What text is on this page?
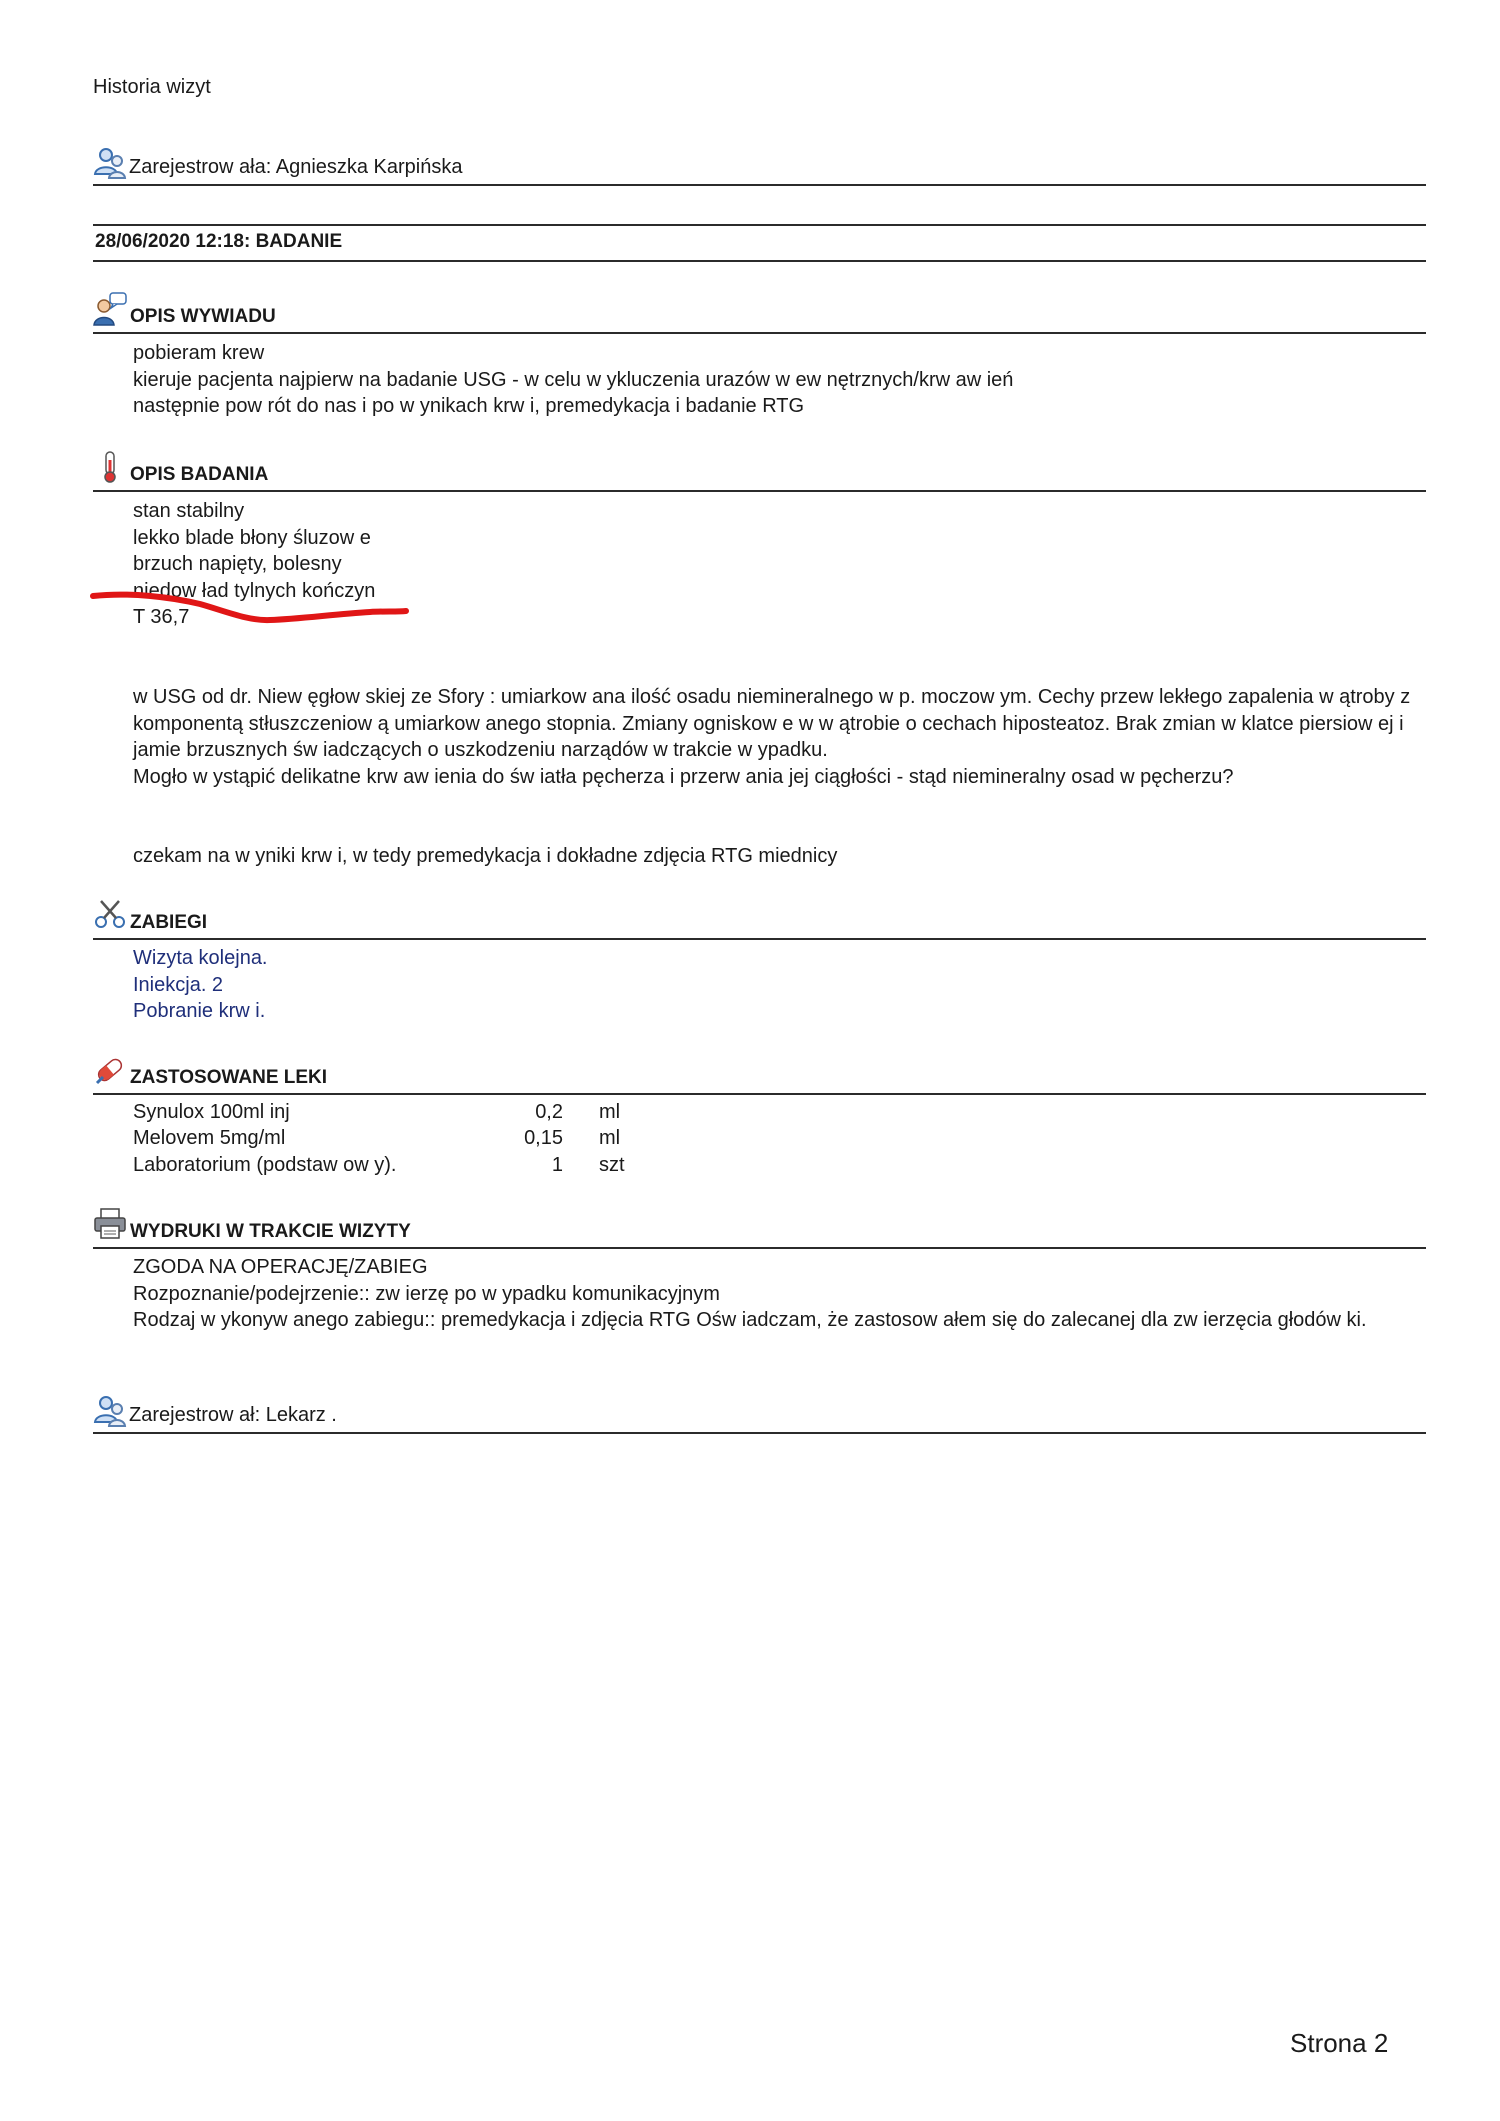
Historia wizyt
Zarejestrow ała: Agnieszka Karpińska
28/06/2020 12:18: BADANIE
OPIS WYWIADU
pobieram krew
kieruje pacjenta najpierw na badanie USG - w celu w ykluczenia urazów w ew nętrznych/krw aw ień
następnie pow rót do nas i po w ynikach krw i, premedykacja i badanie RTG
OPIS BADANIA
stan stabilny
lekko blade błony śluzow e
brzuch napięty, bolesny
niedow ład tylnych kończyn
T 36,7
w USG od dr. Niew ęgłow skiej ze Sfory : umiarkow ana ilość osadu niemineralnego w p. moczow ym. Cechy przew lekłego zapalenia w ątroby z komponentą stłuszczeniow ą umiarkow anego stopnia. Zmiany ogniskow e w w ątrobie o cechach hiposteatoz. Brak zmian w klatce piersiow ej i jamie brzusznych św iadczących o uszkodzeniu narządów w trakcie w ypadku.
Mogło w ystąpić delikatne krw aw ienia do św iatła pęcherza i przerw ania jej ciągłości - stąd niemineralny osad w pęcherzu?
czekam na w yniki krw i, w tedy premedykacja i dokładne zdjęcia RTG miednicy
ZABIEGI
Wizyta kolejna.
Iniekcja. 2
Pobranie krw i.
ZASTOSOWANE LEKI
Synulox 100ml inj	0,2	ml
Melovem 5mg/ml	0,15	ml
Laboratorium (podstaw ow y).	1	szt
WYDRUKI W TRAKCIE WIZYTY
ZGODA NA OPERACJĘ/ZABIEG
Rozpoznanie/podejrzenie:: zw ierzę po w ypadku komunikacyjnym
Rodzaj w ykonyw anego zabiegu:: premedykacja i zdjęcia RTG Ośw iadczam, że zastosow ałem się do zalecanej dla zw ierzęcia głodów ki.
Zarejestrow ał: Lekarz .
Strona 2
